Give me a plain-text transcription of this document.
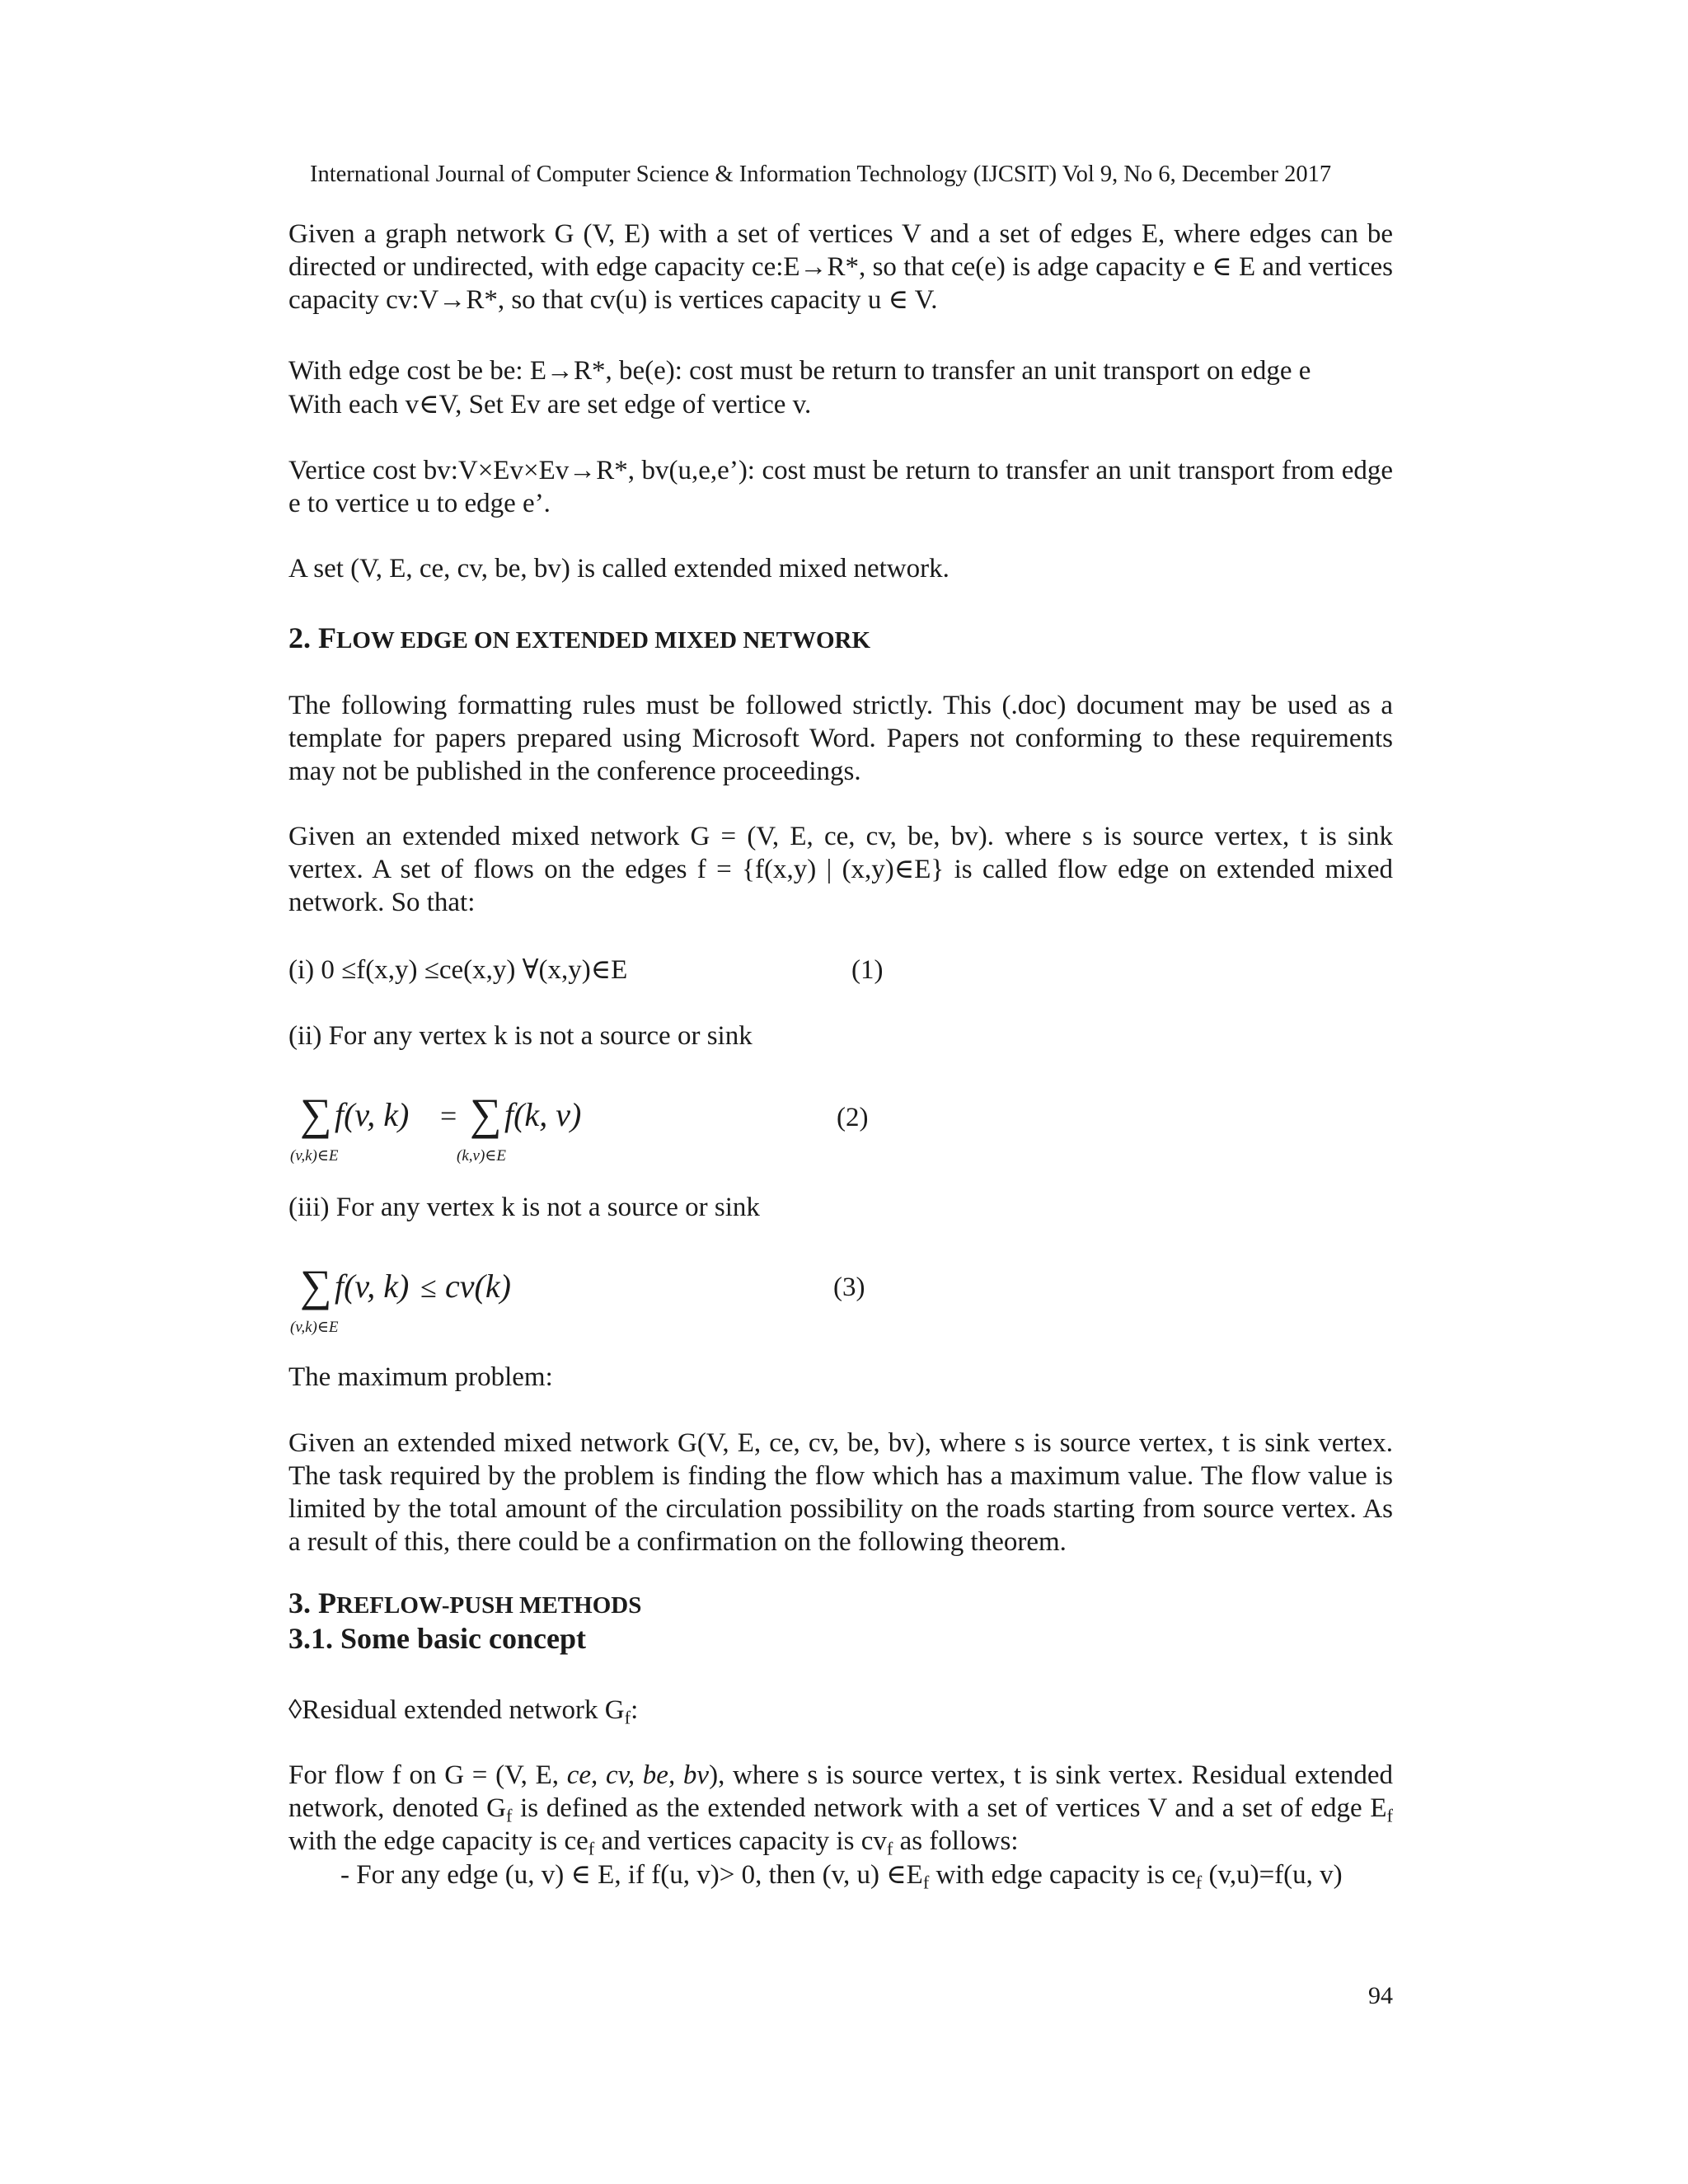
International Journal of Computer Science & Information Technology (IJCSIT) Vol 9, No 6, December 2017
Given a graph network G (V, E) with a set of vertices V and a set of edges E, where edges can be directed or undirected, with edge capacity ce:E→R*, so that ce(e) is adge capacity e ∈ E and vertices capacity cv:V→R*, so that cv(u) is vertices capacity u ∈ V.
With edge cost be be: E→R*, be(e): cost must be return to transfer an unit transport on edge e
With each v∈V, Set Ev are set edge of vertice v.
Vertice cost bv:V×Ev×Ev→R*, bv(u,e,e’): cost must be return to transfer an unit transport from edge e to vertice u to edge e’.
A set (V, E, ce, cv, be, bv) is called extended mixed network.
2. FLOW EDGE ON EXTENDED MIXED NETWORK
The following formatting rules must be followed strictly. This (.doc) document may be used as a template for papers prepared using Microsoft Word. Papers not conforming to these requirements may not be published in the conference proceedings.
Given an extended mixed network G = (V, E, ce, cv, be, bv). where s is source vertex, t is sink vertex. A set of flows on the edges f = {f(x,y) | (x,y)∈E} is called flow edge on extended mixed network. So that:
(i) 0 ≤f(x,y) ≤ce(x,y) ∀(x,y)∈E	(1)
(ii) For any vertex k is not a source or sink
∑ f(v, k) = ∑ f(k, v)
(v,k)∈E	(k,v)∈E
(2)
(iii) For any vertex k is not a source or sink
∑ f(v, k) ≤ cv(k)
(v,k)∈E
(3)
The maximum problem:
Given an extended mixed network G(V, E, ce, cv, be, bv), where s is source vertex, t is sink vertex. The task required by the problem is finding the flow which has a maximum value. The flow value is limited by the total amount of the circulation possibility on the roads starting from source vertex. As a result of this, there could be a confirmation on the following theorem.
3. PREFLOW-PUSH METHODS
3.1. Some basic concept
◊Residual extended network $G_f$:
For flow f on G = (V, E, ce, cv, be, bv), where s is source vertex, t is sink vertex. Residual extended network, denoted $G_f$ is defined as the extended network with a set of vertices V and a set of edge $E_f$ with the edge capacity is $ce_f$ and vertices capacity is $cv_f$ as follows:
- For any edge (u, v) ∈ E, if f(u, v)> 0, then (v, u) $\in E_f$ with edge capacity is $ce_f$ (v,u)=f(u, v)
94
